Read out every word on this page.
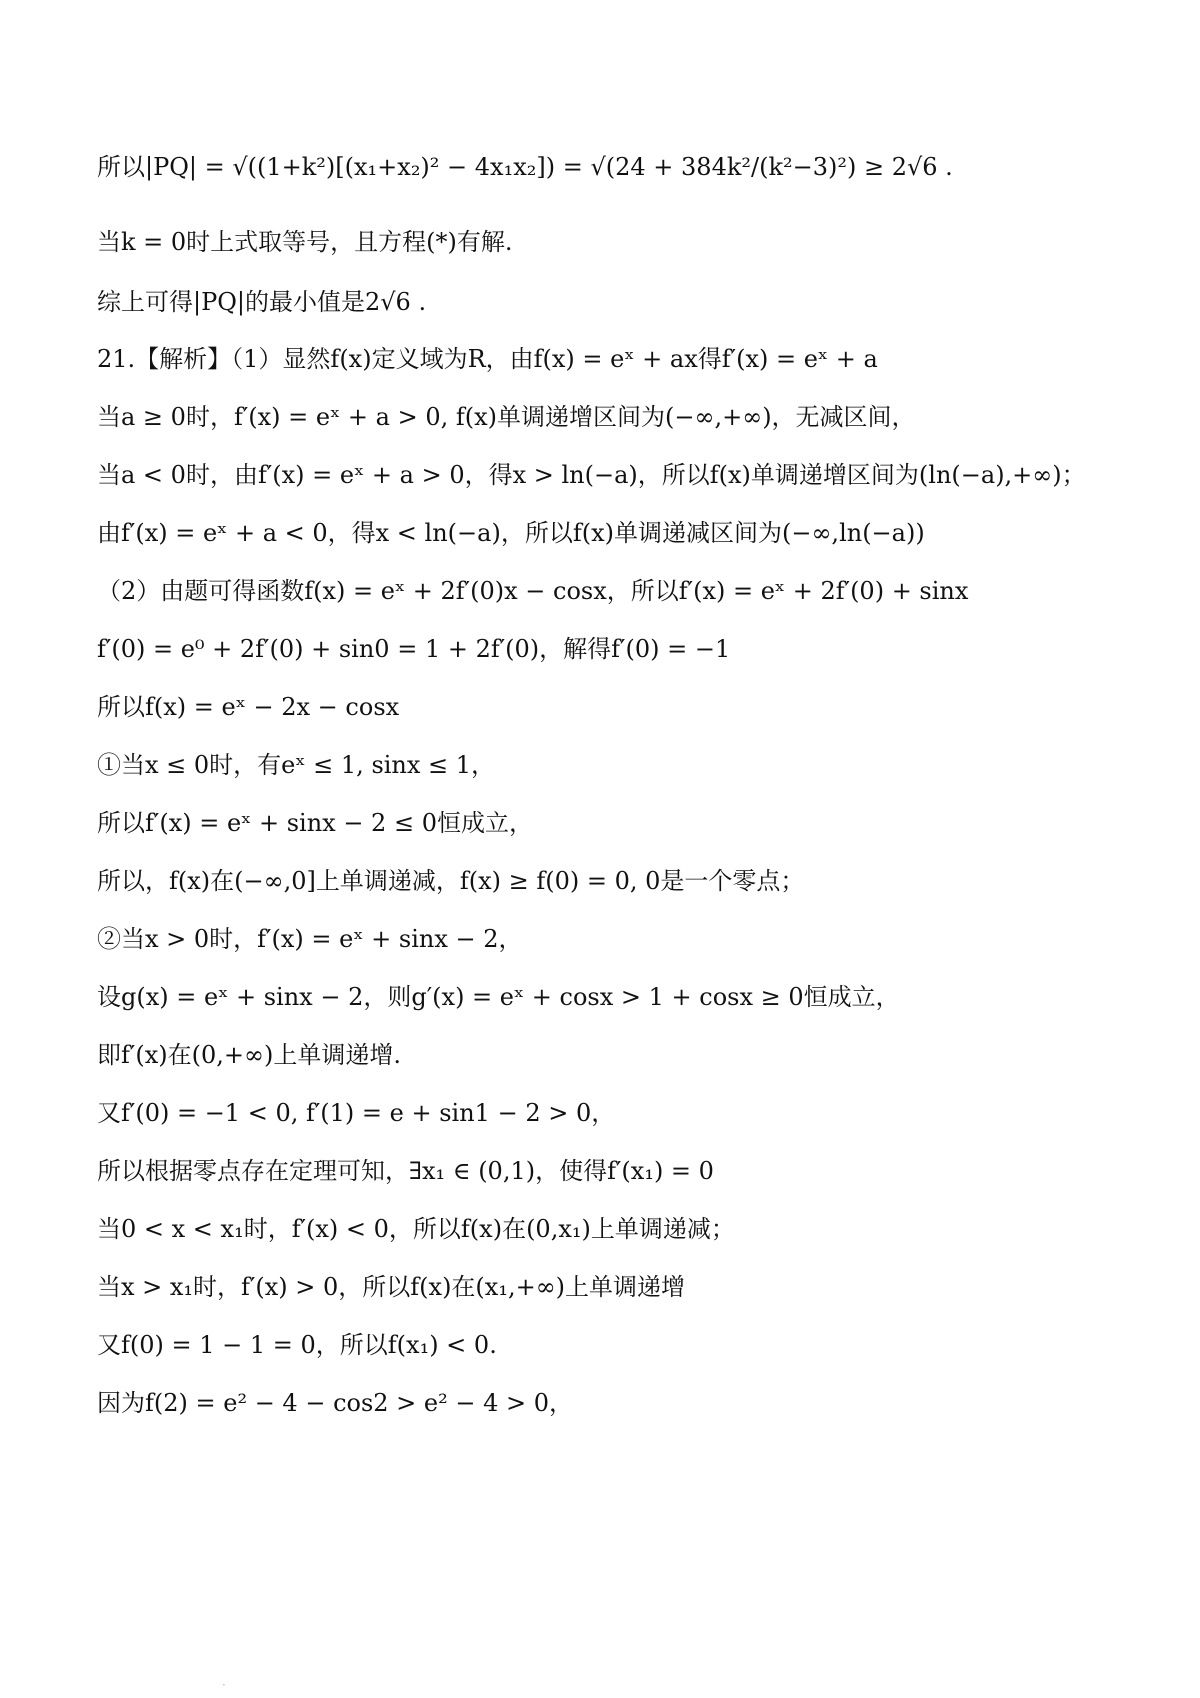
所以|PQ| = √((1+k²)[(x₁+x₂)² − 4x₁x₂]) = √(24 + 384k²/(k²−3)²) ≥ 2√6 .
当k = 0时上式取等号，且方程(*)有解.
综上可得|PQ|的最小值是2√6 .
21.【解析】（1）显然f(x)定义域为R，由f(x) = eˣ + ax得f′(x) = eˣ + a
当a ≥ 0时，f′(x) = eˣ + a > 0, f(x)单调递增区间为(−∞,+∞)，无减区间，
当a < 0时，由f′(x) = eˣ + a > 0，得x > ln(−a)，所以f(x)单调递增区间为(ln(−a),+∞)；
由f′(x) = eˣ + a < 0，得x < ln(−a)，所以f(x)单调递减区间为(−∞,ln(−a))
（2）由题可得函数f(x) = eˣ + 2f′(0)x − cosx，所以f′(x) = eˣ + 2f′(0) + sinx
f′(0) = e⁰ + 2f′(0) + sin0 = 1 + 2f′(0)，解得f′(0) = −1
所以f(x) = eˣ − 2x − cosx
①当x ≤ 0时，有eˣ ≤ 1, sinx ≤ 1，
所以f′(x) = eˣ + sinx − 2 ≤ 0恒成立，
所以，f(x)在(−∞,0]上单调递减，f(x) ≥ f(0) = 0, 0是一个零点；
②当x > 0时，f′(x) = eˣ + sinx − 2，
设g(x) = eˣ + sinx − 2，则g′(x) = eˣ + cosx > 1 + cosx ≥ 0恒成立，
即f′(x)在(0,+∞)上单调递增.
又f′(0) = −1 < 0, f′(1) = e + sin1 − 2 > 0，
所以根据零点存在定理可知，∃x₁ ∈ (0,1)，使得f′(x₁) = 0
当0 < x < x₁时，f′(x) < 0，所以f(x)在(0,x₁)上单调递减；
当x > x₁时，f′(x) > 0，所以f(x)在(x₁,+∞)上单调递增
又f(0) = 1 − 1 = 0，所以f(x₁) < 0.
因为f(2) = e² − 4 − cos2 > e² − 4 > 0，
·
